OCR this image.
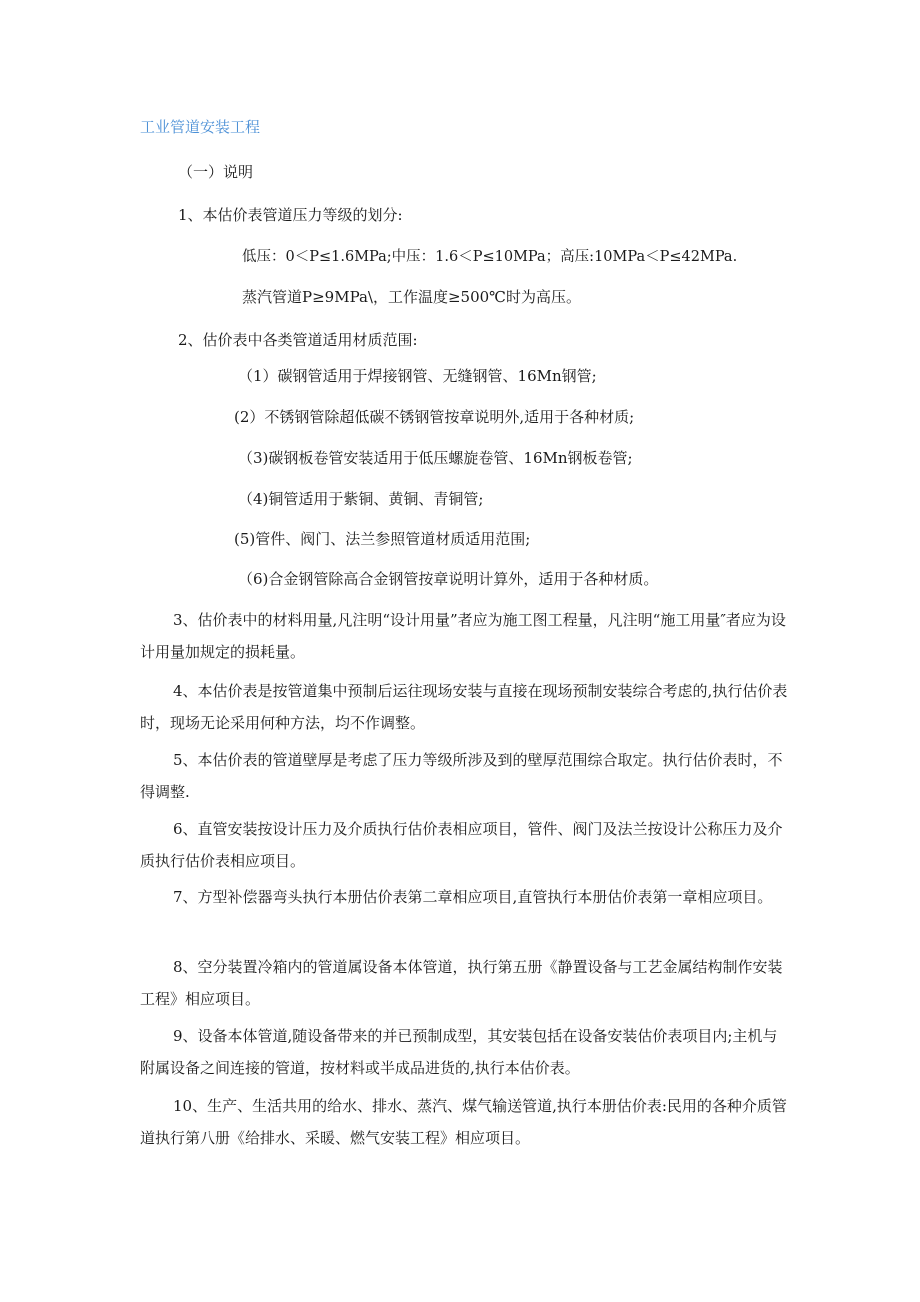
工业管道安装工程
（一）说明
1、本估价表管道压力等级的划分:
低压：0＜P≤1.6MPa;中压：1.6＜P≤10MPa；高压:10MPa＜P≤42MPa.
蒸汽管道P≥9MPa\，工作温度≥500℃时为高压。
2、估价表中各类管道适用材质范围:
（1）碳钢管适用于焊接钢管、无缝钢管、16Mn钢管;
(2）不锈钢管除超低碳不锈钢管按章说明外,适用于各种材质;
（3)碳钢板卷管安装适用于低压螺旋卷管、16Mn钢板卷管;
（4)铜管适用于紫铜、黄铜、青铜管;
(5)管件、阀门、法兰参照管道材质适用范围;
（6)合金钢管除高合金钢管按章说明计算外，适用于各种材质。
3、估价表中的材料用量,凡注明“设计用量”者应为施工图工程量，凡注明“施工用量″者应为设计用量加规定的损耗量。
4、本估价表是按管道集中预制后运往现场安装与直接在现场预制安装综合考虑的,执行估价表时，现场无论采用何种方法，均不作调整。
5、本估价表的管道壁厚是考虑了压力等级所涉及到的壁厚范围综合取定。执行估价表时，不得调整.
6、直管安装按设计压力及介质执行估价表相应项目，管件、阀门及法兰按设计公称压力及介质执行估价表相应项目。
7、方型补偿器弯头执行本册估价表第二章相应项目,直管执行本册估价表第一章相应项目。
8、空分装置冷箱内的管道属设备本体管道，执行第五册《静置设备与工艺金属结构制作安装工程》相应项目。
9、设备本体管道,随设备带来的并已预制成型，其安装包括在设备安装估价表项目内;主机与附属设备之间连接的管道，按材料或半成品进货的,执行本估价表。
10、生产、生活共用的给水、排水、蒸汽、煤气输送管道,执行本册估价表:民用的各种介质管道执行第八册《给排水、采暖、燃气安装工程》相应项目。
